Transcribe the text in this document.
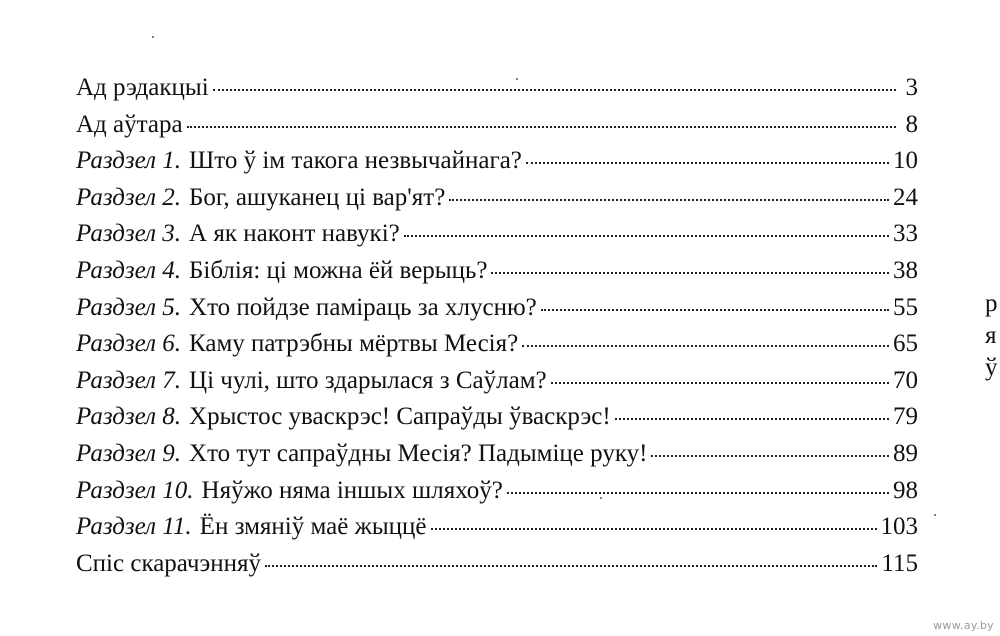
Ад рэдакцыі	3
Ад аўтара	8
Раздзел 1. Што ў ім такога незвычайнага?	10
Раздзел 2. Бог, ашуканец ці вар'ят?	24
Раздзел 3. А як наконт навукі?	33
Раздзел 4. Біблія: ці можна ёй верыць?	38
Раздзел 5. Хто пойдзе паміраць за хлусню?	55
Раздзел 6. Каму патрэбны мёртвы Месія?	65
Раздзел 7. Ці чулі, што здарылася з Саўлам?	70
Раздзел 8. Хрыстос уваскрэс! Сапраўды ўваскрэс!	79
Раздзел 9. Хто тут сапраўдны Месія? Падыміце руку!	89
Раздзел 10. Няўжо няма іншых шляхоў?	98
Раздзел 11. Ён змяніў маё жыццё	103
Спіс скарачэнняў	115
р
я
ў
www.ay.by
